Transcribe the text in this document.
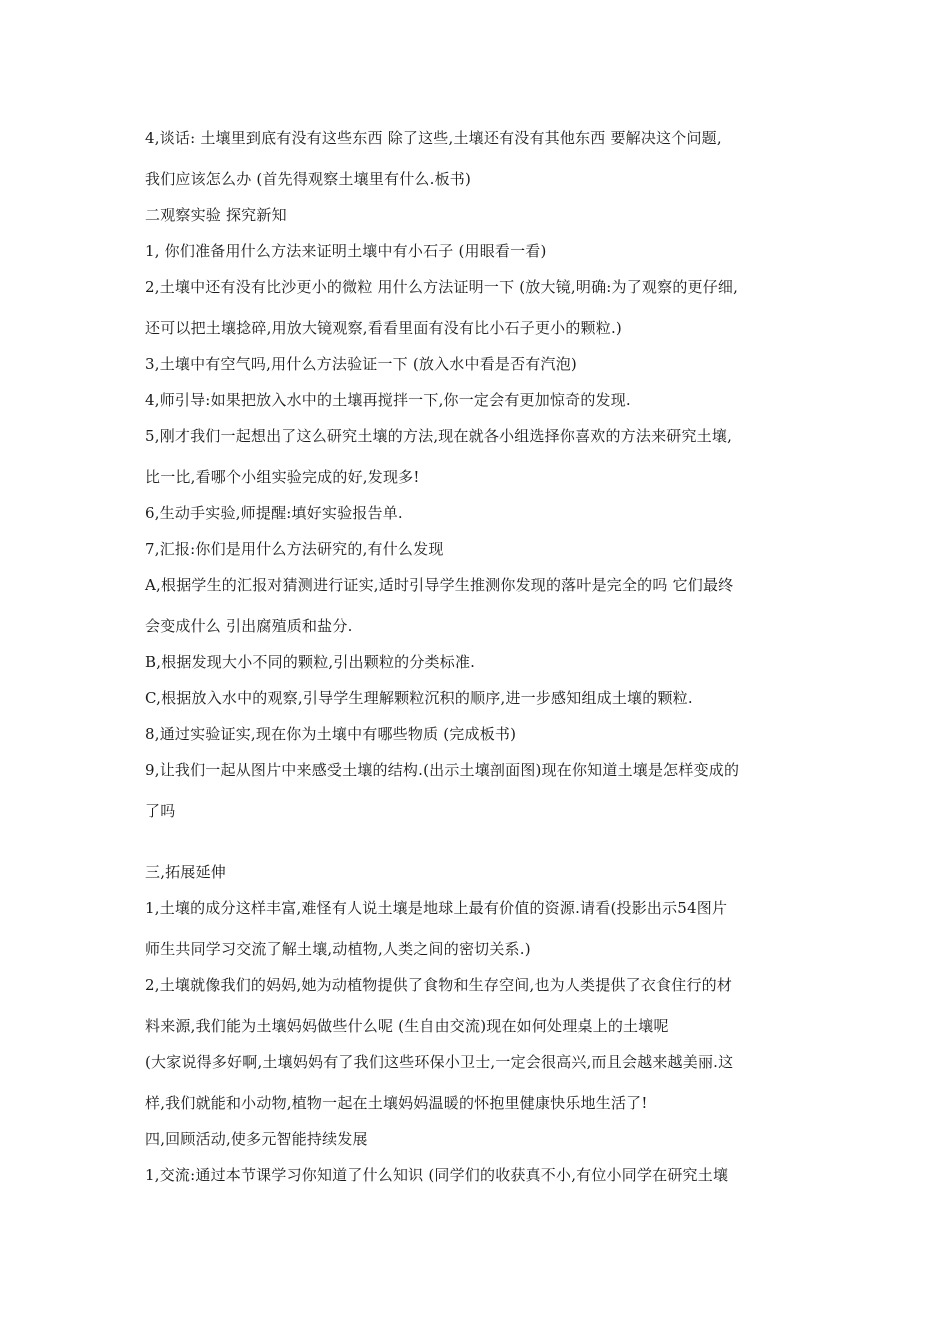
4,谈话: 土壤里到底有没有这些东西 除了这些,土壤还有没有其他东西 要解决这个问题,
我们应该怎么办 (首先得观察土壤里有什么.板书)
二观察实验 探究新知
1, 你们准备用什么方法来证明土壤中有小石子 (用眼看一看)
2,土壤中还有没有比沙更小的微粒 用什么方法证明一下 (放大镜,明确:为了观察的更仔细,
还可以把土壤捻碎,用放大镜观察,看看里面有没有比小石子更小的颗粒.)
3,土壤中有空气吗,用什么方法验证一下 (放入水中看是否有汽泡)
4,师引导:如果把放入水中的土壤再搅拌一下,你一定会有更加惊奇的发现.
5,刚才我们一起想出了这么研究土壤的方法,现在就各小组选择你喜欢的方法来研究土壤,
比一比,看哪个小组实验完成的好,发现多!
6,生动手实验,师提醒:填好实验报告单.
7,汇报:你们是用什么方法研究的,有什么发现
A,根据学生的汇报对猜测进行证实,适时引导学生推测你发现的落叶是完全的吗 它们最终
会变成什么 引出腐殖质和盐分.
B,根据发现大小不同的颗粒,引出颗粒的分类标准.
C,根据放入水中的观察,引导学生理解颗粒沉积的顺序,进一步感知组成土壤的颗粒.
8,通过实验证实,现在你为土壤中有哪些物质 (完成板书)
9,让我们一起从图片中来感受土壤的结构.(出示土壤剖面图)现在你知道土壤是怎样变成的
了吗
三,拓展延伸
1,土壤的成分这样丰富,难怪有人说土壤是地球上最有价值的资源.请看(投影出示54图片
师生共同学习交流了解土壤,动植物,人类之间的密切关系.)
2,土壤就像我们的妈妈,她为动植物提供了食物和生存空间,也为人类提供了衣食住行的材
料来源,我们能为土壤妈妈做些什么呢 (生自由交流)现在如何处理桌上的土壤呢
(大家说得多好啊,土壤妈妈有了我们这些环保小卫士,一定会很高兴,而且会越来越美丽.这
样,我们就能和小动物,植物一起在土壤妈妈温暖的怀抱里健康快乐地生活了!
四,回顾活动,使多元智能持续发展
1,交流:通过本节课学习你知道了什么知识 (同学们的收获真不小,有位小同学在研究土壤
